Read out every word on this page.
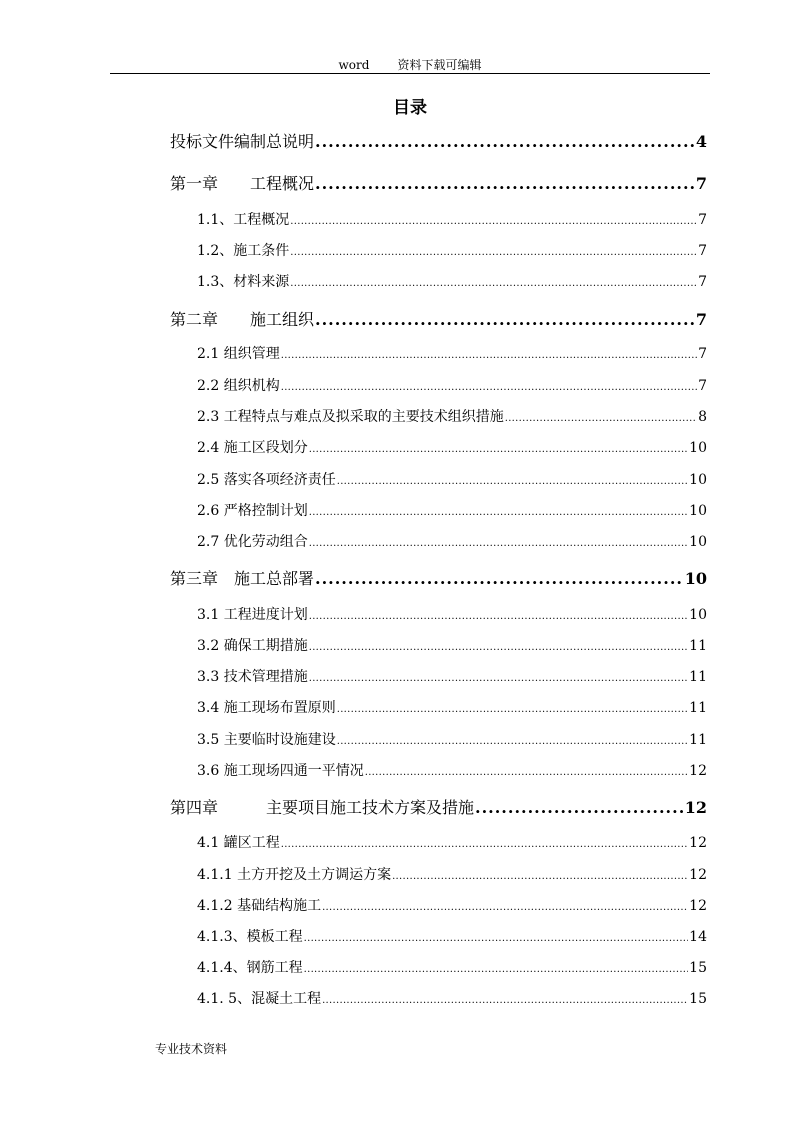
word 资料下载可编辑
目录
投标文件编制总说明 .....	4
第一章　　工程概况 .....	7
1.1、工程概况 .....	7
1.2、施工条件 .....	7
1.3、材料来源 .....	7
第二章　　施工组织 .....	7
2.1 组织管理 .....	7
2.2 组织机构 .....	7
2.3 工程特点与难点及拟采取的主要技术组织措施 .....	8
2.4 施工区段划分 .....	10
2.5 落实各项经济责任 .....	10
2.6 严格控制计划 .....	10
2.7 优化劳动组合 .....	10
第三章　施工总部署 .....	10
3.1 工程进度计划 .....	10
3.2 确保工期措施 .....	11
3.3 技术管理措施 .....	11
3.4 施工现场布置原则 .....	11
3.5 主要临时设施建设 .....	11
3.6 施工现场四通一平情况 .....	12
第四章　　　主要项目施工技术方案及措施 .....	12
4.1 罐区工程 .....	12
4.1.1 土方开挖及土方调运方案 .....	12
4.1.2 基础结构施工 .....	12
4.1.3、模板工程 .....	14
4.1.4、钢筋工程 .....	15
4.1. 5、混凝土工程 .....	15
专业技术资料
